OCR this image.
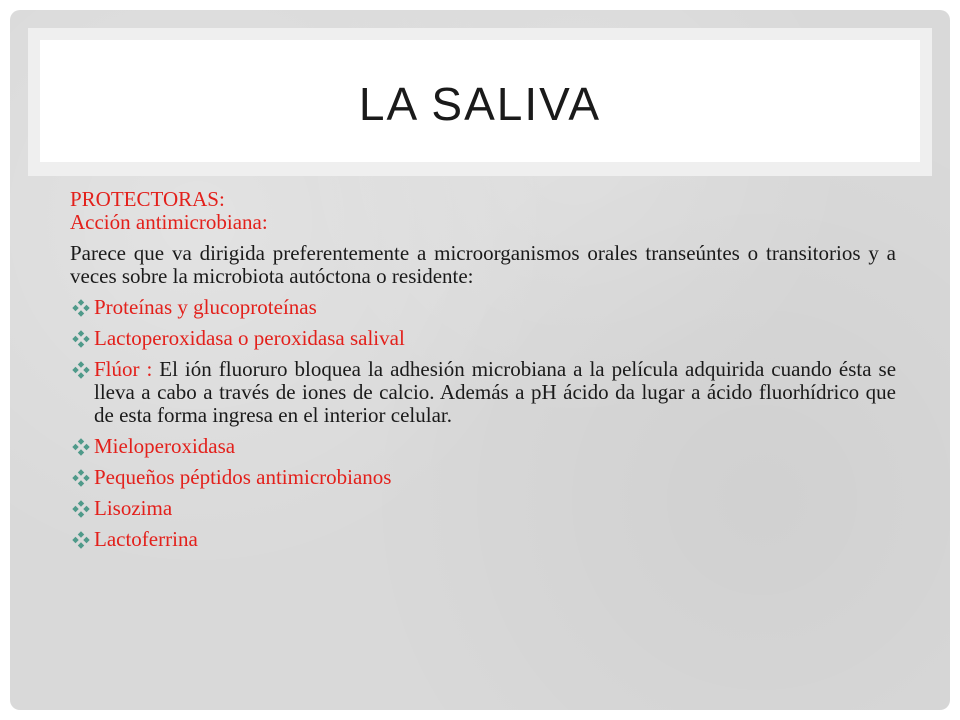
LA SALIVA

PROTECTORAS:

Acción antimicrobiana:

Parece que va dirigida preferentemente a microorganismos orales transeúntes o transitorios y a veces sobre la microbiota autóctona o residente:

Proteínas y glucoproteínas
Lactoperoxidasa o peroxidasa salival
Flúor : El ión fluoruro bloquea la adhesión microbiana a la película adquirida cuando ésta se lleva a cabo a través de iones de calcio. Además a pH ácido da lugar a ácido fluorhídrico que de esta forma ingresa en el interior celular.
Mieloperoxidasa
Pequeños péptidos antimicrobianos
Lisozima
Lactoferrina
